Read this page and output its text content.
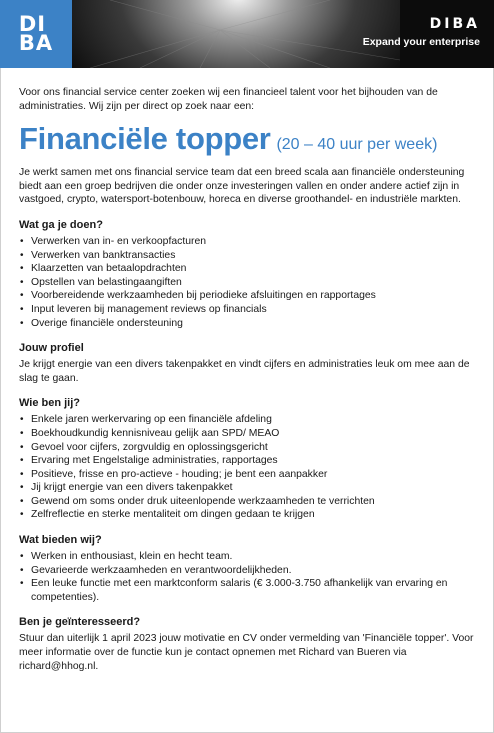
DI
BA
DIBA
Expand your enterprise

Voor ons financial service center zoeken wij een financieel talent voor het bijhouden van de administraties. Wij zijn per direct op zoek naar een:

Financiële topper (20 – 40 uur per week)

Je werkt samen met ons financial service team dat een breed scala aan financiële ondersteuning biedt aan een groep bedrijven die onder onze investeringen vallen en onder andere actief zijn in vastgoed, crypto, watersport-botenbouw, horeca en diverse groothandel- en industriële markten.

Wat ga je doen?
• Verwerken van in- en verkoopfacturen
• Verwerken van banktransacties
• Klaarzetten van betaalopdrachten
• Opstellen van belastingaangiften
• Voorbereidende werkzaamheden bij periodieke afsluitingen en rapportages
• Input leveren bij management reviews op financials
• Overige financiële ondersteuning
Jouw profiel

Je krijgt energie van een divers takenpakket en vindt cijfers en administraties leuk om mee aan de slag te gaan.

Wie ben jij?
• Enkele jaren werkervaring op een financiële afdeling
• Boekhoudkundig kennisniveau gelijk aan SPD/ MEAO
• Gevoel voor cijfers, zorgvuldig en oplossingsgericht
• Ervaring met Engelstalige administraties, rapportages
• Positieve, frisse en pro-actieve - houding; je bent een aanpakker
• Jij krijgt energie van een divers takenpakket
• Gewend om soms onder druk uiteenlopende werkzaamheden te verrichten
• Zelfreflectie en sterke mentaliteit om dingen gedaan te krijgen
Wat bieden wij?
• Werken in enthousiast, klein en hecht team.
• Gevarieerde werkzaamheden en verantwoordelijkheden.
• Een leuke functie met een marktconform salaris (€ 3.000-3.750 afhankelijk van ervaring en competenties).
Ben je geïnteresseerd?

Stuur dan uiterlijk 1 april 2023 jouw motivatie en CV onder vermelding van 'Financiële topper'. Voor meer informatie over de functie kun je contact opnemen met Richard van Bueren via richard@hhog.nl.
